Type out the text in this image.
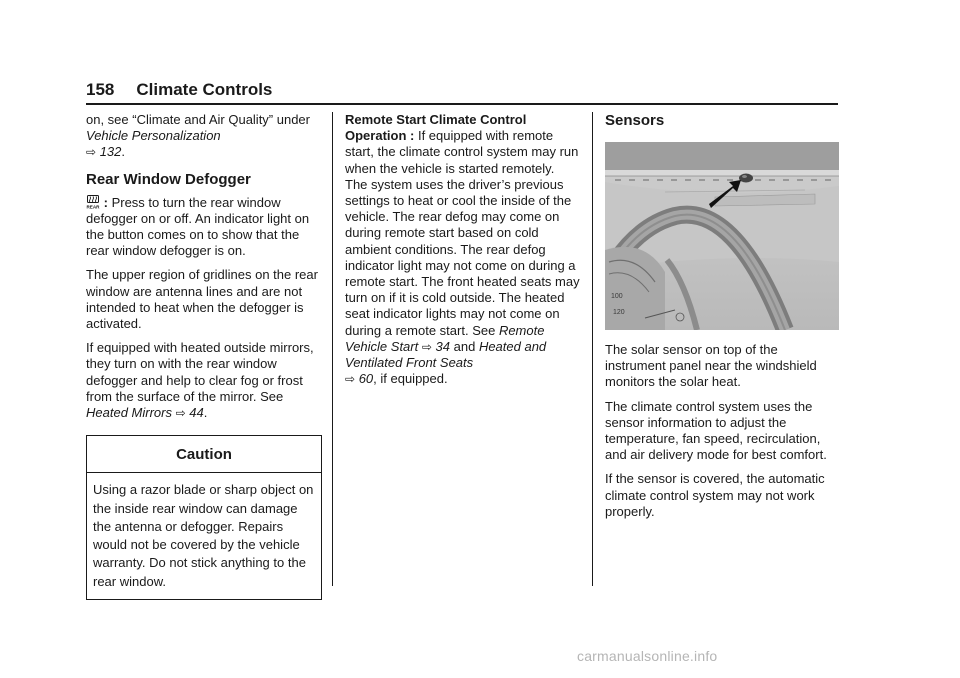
158 Climate Controls

on, see “Climate and Air Quality” under Vehicle Personalization
⇨ 132.

Rear Window Defogger

REAR : Press to turn the rear window defogger on or off. An indicator light on the button comes on to show that the rear window defogger is on.

The upper region of gridlines on the rear window are antenna lines and are not intended to heat when the defogger is activated.

If equipped with heated outside mirrors, they turn on with the rear window defogger and help to clear fog or frost from the surface of the mirror. See Heated Mirrors ⇨ 44.

Caution
Using a razor blade or sharp object on the inside rear window can damage the antenna or defogger. Repairs would not be covered by the vehicle warranty. Do not stick anything to the rear window.

Remote Start Climate Control Operation : If equipped with remote start, the climate control system may run when the vehicle is started remotely. The system uses the driver’s previous settings to heat or cool the inside of the vehicle. The rear defog may come on during remote start based on cold ambient conditions. The rear defog indicator light may not come on during a remote start. The front heated seats may turn on if it is cold outside. The heated seat indicator lights may not come on during a remote start. See Remote Vehicle Start ⇨ 34 and Heated and Ventilated Front Seats
⇨ 60, if equipped.

Sensors
100
120

The solar sensor on top of the instrument panel near the windshield monitors the solar heat.

The climate control system uses the sensor information to adjust the temperature, fan speed, recirculation, and air delivery mode for best comfort.

If the sensor is covered, the automatic climate control system may not work properly.

carmanualsonline.info
